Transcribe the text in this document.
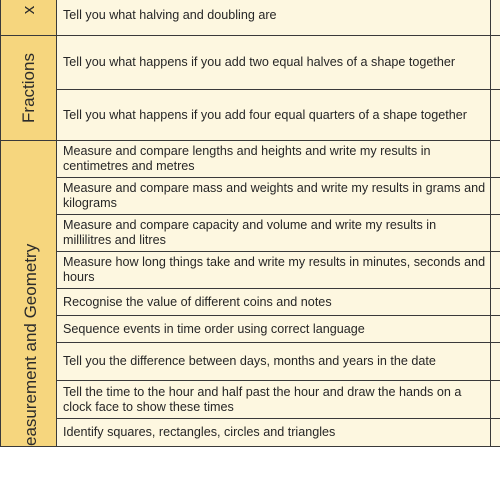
x	Tell you what halving and doubling are	

Fractions	Tell you what happens if you add two equal halves of a shape together	
	Tell you what happens if you add four equal quarters of a shape together	

easurement and Geometry	Measure and compare lengths and heights and write my results in centimetres and metres	
	Measure and compare mass and weights and write my results in grams and kilograms	
	Measure and compare capacity and volume and write my results in millilitres and litres	
	Measure how long things take and write my results in minutes, seconds and hours	
	Recognise the value of different coins and notes	
	Sequence events in time order using correct language	
	Tell you the difference between days, months and years in the date	
	Tell the time to the hour and half past the hour and draw the hands on a clock face to show these times	
	Identify squares, rectangles, circles and triangles	
